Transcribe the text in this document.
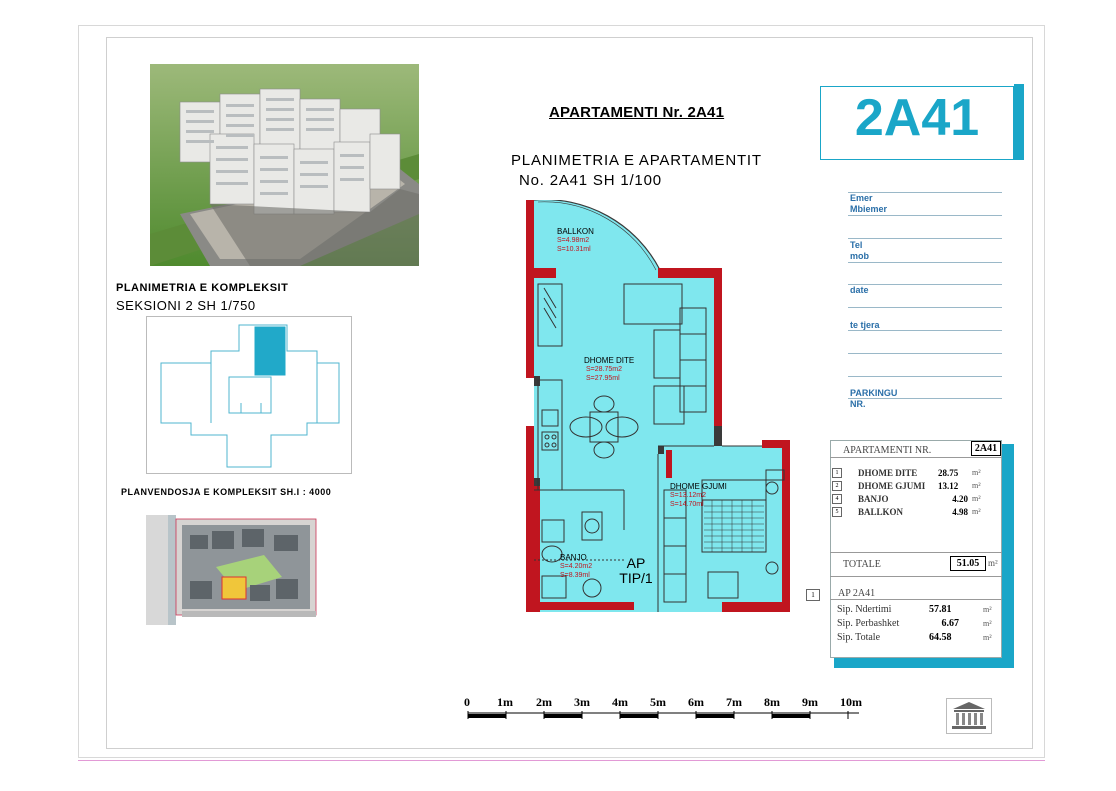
PLANIMETRIA E KOMPLEKSIT
SEKSIONI 2 SH 1/750
PLANVENDOSJA E KOMPLEKSIT SH.I : 4000
APARTAMENTI Nr. 2A41
PLANIMETRIA E APARTAMENTIT
No. 2A41 SH 1/100
2A41
Emer
Mbiemer
Tel
mob
date
te tjera
PARKINGU
NR.
BALLKON
S=4.98m2
S=10.31ml
DHOME DITE
S=28.75m2
S=27.95ml
DHOME GJUMI
S=13.12m2
S=14.70ml
BANJO
S=4.20m2
S=8.39ml
AP
TIP/1
APARTAMENTI NR.	2A41
1	DHOME DITE	28.75	m²
2	DHOME GJUMI	13.12	m²
4	BANJO	4.20 m²
5	BALLKON	4.98 m²
TOTALE	51.05 m²
1	AP 2A41
Sip. Ndertimi	57.81	m²
Sip. Perbashket	6.67	m²
Sip. Totale	64.58	m²
0 1m 2m 3m 4m 5m 6m 7m 8m 9m 10m
